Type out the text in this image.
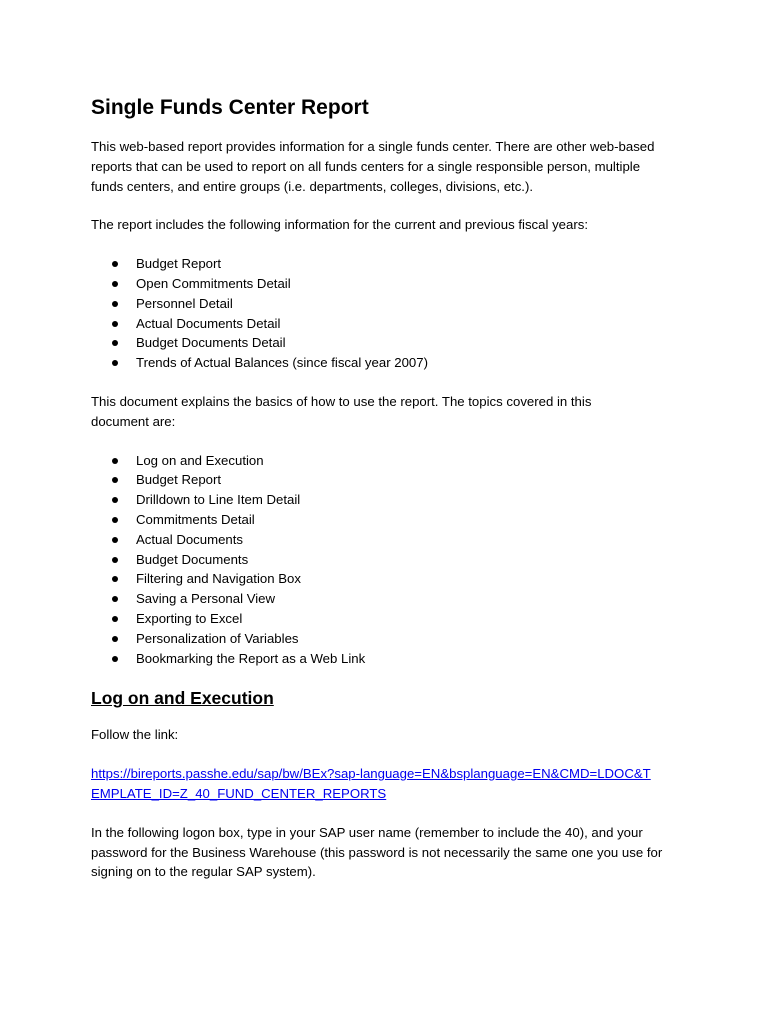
Single Funds Center Report

This web-based report provides information for a single funds center. There are other web-based reports that can be used to report on all funds centers for a single responsible person, multiple funds centers, and entire groups (i.e. departments, colleges, divisions, etc.).

The report includes the following information for the current and previous fiscal years:

Budget Report
Open Commitments Detail
Personnel Detail
Actual Documents Detail
Budget Documents Detail
Trends of Actual Balances (since fiscal year 2007)

This document explains the basics of how to use the report. The topics covered in this document are:

Log on and Execution
Budget Report
Drilldown to Line Item Detail
Commitments Detail
Actual Documents
Budget Documents
Filtering and Navigation Box
Saving a Personal View
Exporting to Excel
Personalization of Variables
Bookmarking the Report as a Web Link
Log on and Execution

Follow the link:

https://bireports.passhe.edu/sap/bw/BEx?sap-language=EN&bsplanguage=EN&CMD=LDOC&TEMPLATE_ID=Z_40_FUND_CENTER_REPORTS

In the following logon box, type in your SAP user name (remember to include the 40), and your password for the Business Warehouse (this password is not necessarily the same one you use for signing on to the regular SAP system).
